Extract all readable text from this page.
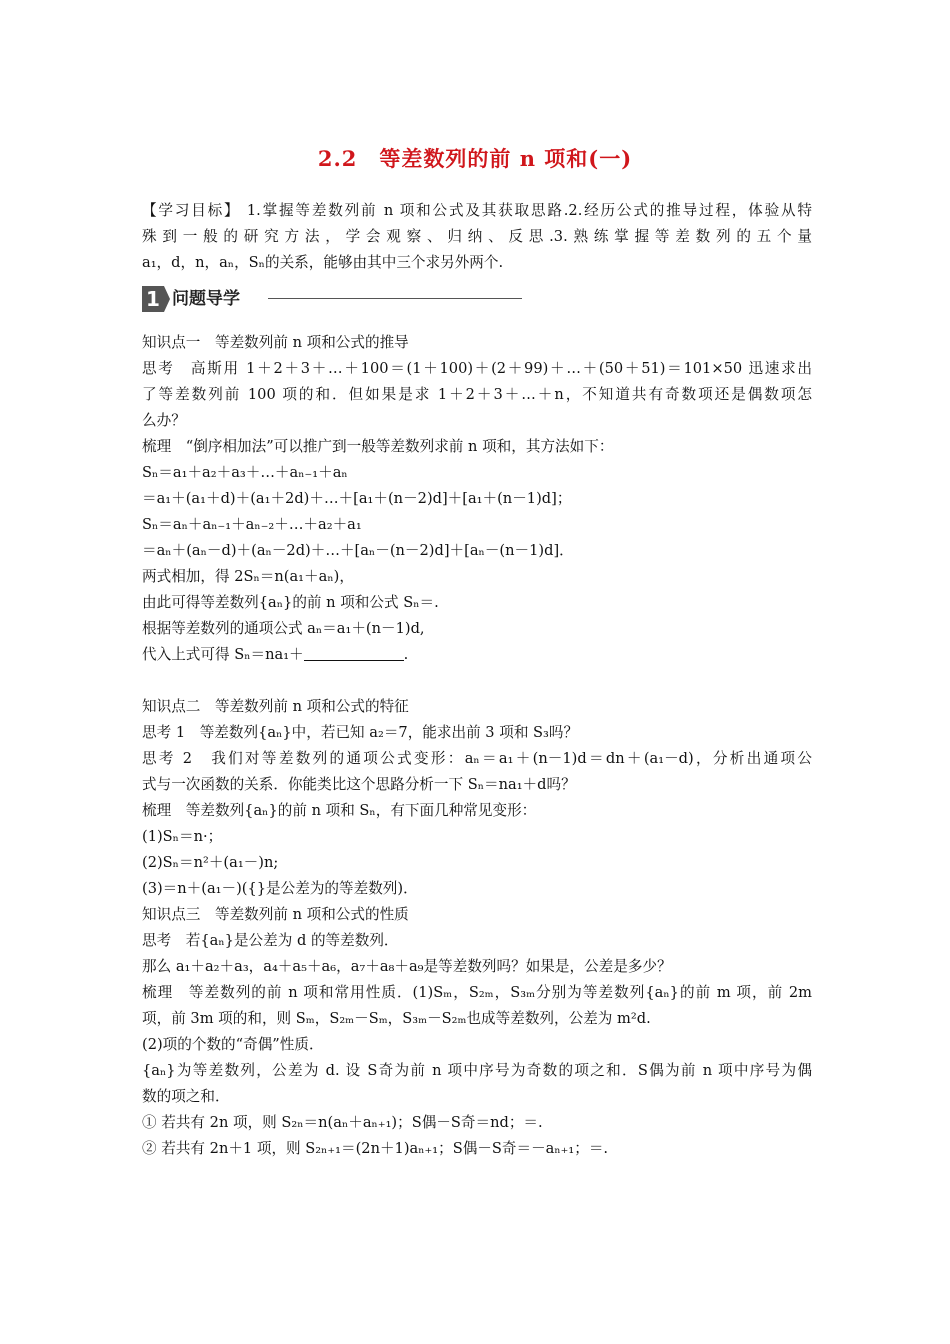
2.2　等差数列的前 n 项和(一)
【学习目标】 1.掌握等差数列前 n 项和公式及其获取思路.2.经历公式的推导过程，体验从特
殊到一般的研究方法，学会观察、归纳、反思.3.熟练掌握等差数列的五个量
a₁，d，n，aₙ，Sₙ的关系，能够由其中三个求另外两个.
1 问题导学
知识点一　等差数列前 n 项和公式的推导
思考　高斯用 1＋2＋3＋…＋100＝(1＋100)＋(2＋99)＋…＋(50＋51)＝101×50 迅速求出
了等差数列前 100 项的和．但如果是求 1＋2＋3＋…＋n，不知道共有奇数项还是偶数项怎
么办？
梳理　“倒序相加法”可以推广到一般等差数列求前 n 项和，其方法如下：
Sₙ＝a₁＋a₂＋a₃＋…＋aₙ₋₁＋aₙ
＝a₁＋(a₁＋d)＋(a₁＋2d)＋…＋[a₁＋(n－2)d]＋[a₁＋(n－1)d]；
Sₙ＝aₙ＋aₙ₋₁＋aₙ₋₂＋…＋a₂＋a₁
＝aₙ＋(aₙ－d)＋(aₙ－2d)＋…＋[aₙ－(n－2)d]＋[aₙ－(n－1)d]．
两式相加，得 2Sₙ＝n(a₁＋aₙ)，
由此可得等差数列{aₙ}的前 n 项和公式 Sₙ＝.
根据等差数列的通项公式 aₙ＝a₁＋(n－1)d,
代入上式可得 Sₙ＝na₁＋	.
知识点二　等差数列前 n 项和公式的特征
思考 1　等差数列{aₙ}中，若已知 a₂＝7，能求出前 3 项和 S₃吗？
思考 2　我们对等差数列的通项公式变形：aₙ＝a₁＋(n－1)d＝dn＋(a₁－d)，分析出通项公
式与一次函数的关系．你能类比这个思路分析一下 Sₙ＝na₁＋d吗？
梳理　等差数列{aₙ}的前 n 项和 Sₙ，有下面几种常见变形：
(1)Sₙ＝n·；
(2)Sₙ＝n²＋(a₁－)n;
(3)＝n＋(a₁－)({}是公差为的等差数列)．
知识点三　等差数列前 n 项和公式的性质
思考　若{aₙ}是公差为 d 的等差数列．
那么 a₁＋a₂＋a₃，a₄＋a₅＋a₆，a₇＋a₈＋a₉是等差数列吗？如果是，公差是多少？
梳理　等差数列的前 n 项和常用性质．(1)Sₘ，S₂ₘ，S₃ₘ分别为等差数列{aₙ}的前 m 项，前 2m
项，前 3m 项的和，则 Sₘ，S₂ₘ－Sₘ，S₃ₘ－S₂ₘ也成等差数列，公差为 m²d.
(2)项的个数的“奇偶”性质．
{aₙ}为等差数列，公差为 d. 设 S奇为前 n 项中序号为奇数的项之和．S偶为前 n 项中序号为偶
数的项之和．
① 若共有 2n 项，则 S₂ₙ＝n(aₙ＋aₙ₊₁)；S偶－S奇＝nd；＝.
② 若共有 2n＋1 项，则 S₂ₙ₊₁＝(2n＋1)aₙ₊₁；S偶－S奇＝－aₙ₊₁；＝.
